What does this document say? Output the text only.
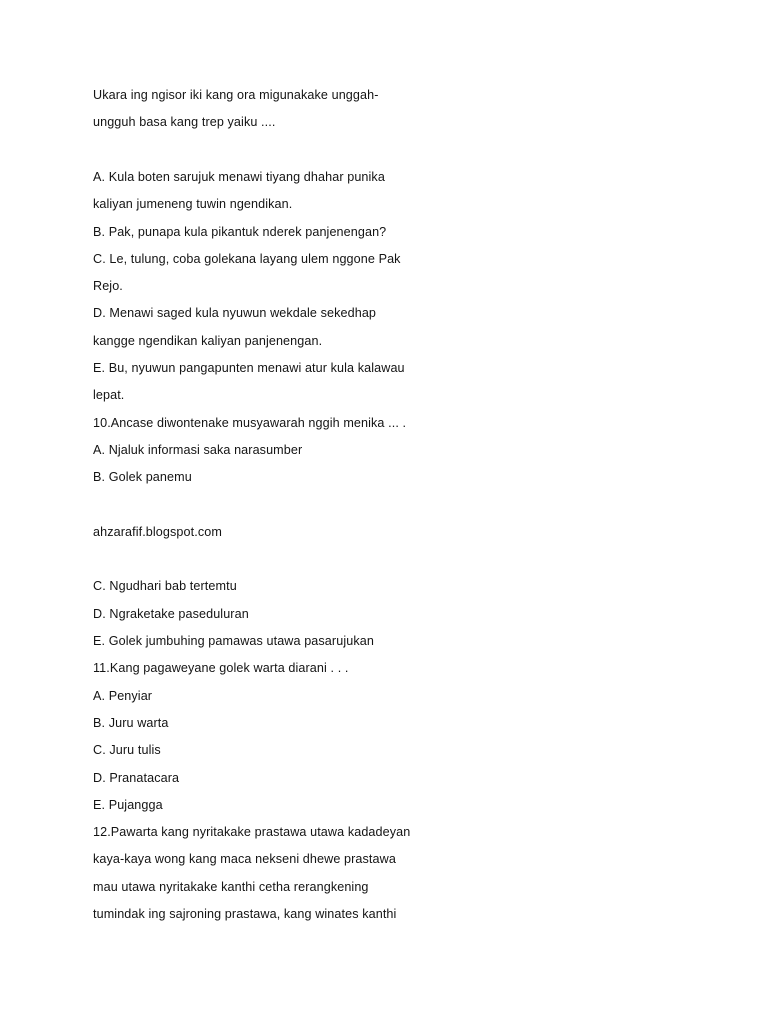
Ukara ing ngisor iki kang ora migunakake unggah-
ungguh basa kang trep yaiku ....
A. Kula boten sarujuk menawi tiyang dhahar punika
kaliyan jumeneng tuwin ngendikan.
B. Pak, punapa kula pikantuk nderek panjenengan?
C. Le, tulung, coba golekana layang ulem nggone Pak
Rejo.
D. Menawi saged kula nyuwun wekdale sekedhap
kangge ngendikan kaliyan panjenengan.
E. Bu, nyuwun pangapunten menawi atur kula kalawau
lepat.
10.Ancase diwontenake musyawarah nggih menika ... .
A. Njaluk informasi saka narasumber
B. Golek panemu
ahzarafif.blogspot.com
C. Ngudhari bab tertemtu
D. Ngraketake paseduluran
E. Golek jumbuhing pamawas utawa pasarujukan
11.Kang pagaweyane golek warta diarani . . .
A. Penyiar
B. Juru warta
C. Juru tulis
D. Pranatacara
E. Pujangga
12.Pawarta kang nyritakake prastawa utawa kadadeyan
kaya-kaya wong kang maca nekseni dhewe prastawa
mau utawa nyritakake kanthi cetha rerangkening
tumindak ing sajroning prastawa, kang winates kanthi
